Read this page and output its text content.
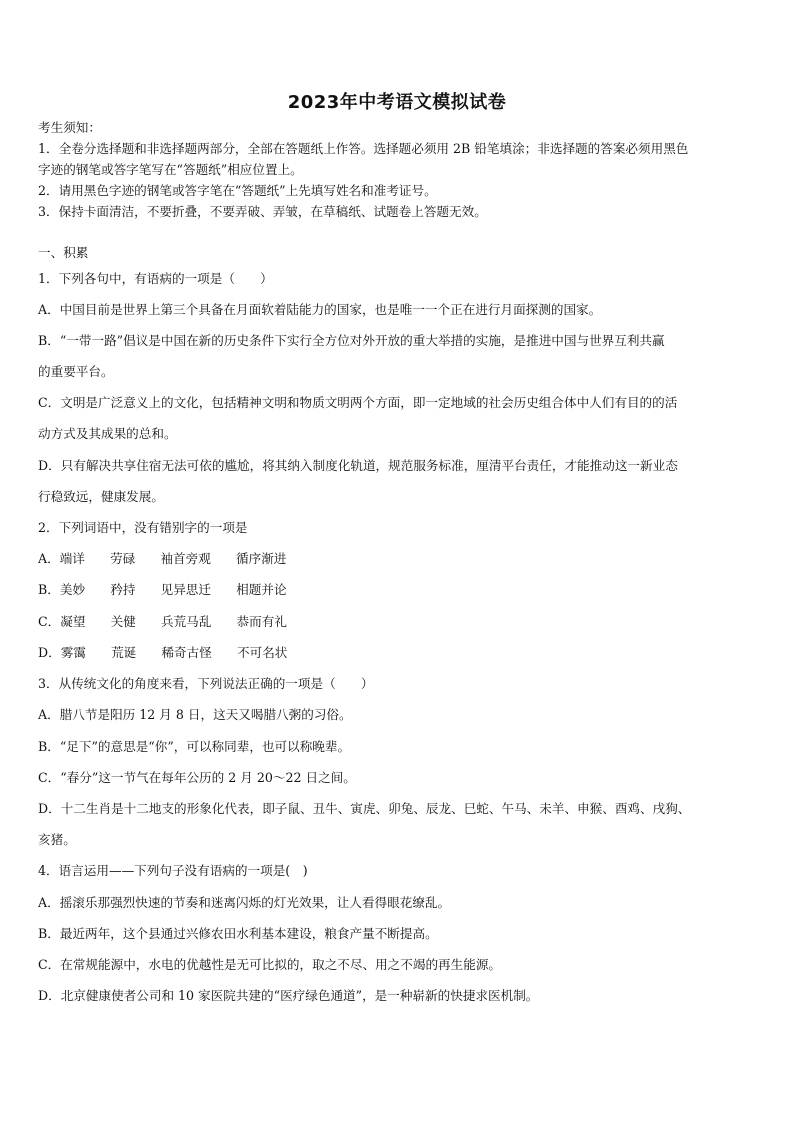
2023年中考语文模拟试卷
考生须知：
1．全卷分选择题和非选择题两部分，全部在答题纸上作答。选择题必须用 2B 铅笔填涂；非选择题的答案必须用黑色
字迹的钢笔或答字笔写在“答题纸”相应位置上。
2．请用黑色字迹的钢笔或答字笔在“答题纸”上先填写姓名和准考证号。
3．保持卡面清洁，不要折叠，不要弄破、弄皱，在草稿纸、试题卷上答题无效。
一、积累
1．下列各句中，有语病的一项是（　　）
A．中国目前是世界上第三个具备在月面软着陆能力的国家，也是唯一一个正在进行月面探测的国家。
B．“一带一路”倡议是中国在新的历史条件下实行全方位对外开放的重大举措的实施，是推进中国与世界互利共赢
的重要平台。
C．文明是广泛意义上的文化，包括精神文明和物质文明两个方面，即一定地域的社会历史组合体中人们有目的的活
动方式及其成果的总和。
D．只有解决共享住宿无法可依的尴尬，将其纳入制度化轨道，规范服务标准，厘清平台责任，才能推动这一新业态
行稳致远，健康发展。
2．下列词语中，没有错别字的一项是
A．端详　　劳碌　　袖首旁观　　循序渐进
B．美妙　　矜持　　见异思迁　　相题并论
C．凝望　　关健　　兵荒马乱　　恭而有礼
D．雾霭　　荒诞　　稀奇古怪　　不可名状
3．从传统文化的角度来看，下列说法正确的一项是（　　）
A．腊八节是阳历 12 月 8 日，这天又喝腊八粥的习俗。
B．“足下”的意思是“你”，可以称同辈，也可以称晚辈。
C．“春分”这一节气在每年公历的 2 月 20～22 日之间。
D．十二生肖是十二地支的形象化代表，即子鼠、丑牛、寅虎、卯兔、辰龙、巳蛇、午马、未羊、申猴、酉鸡、戌狗、
亥猪。
4．语言运用——下列句子没有语病的一项是(　)
A．摇滚乐那强烈快速的节奏和迷离闪烁的灯光效果，让人看得眼花缭乱。
B．最近两年，这个县通过兴修农田水利基本建设，粮食产量不断提高。
C．在常规能源中，水电的优越性是无可比拟的，取之不尽、用之不竭的再生能源。
D．北京健康使者公司和 10 家医院共建的“医疗绿色通道”，是一种崭新的快捷求医机制。
